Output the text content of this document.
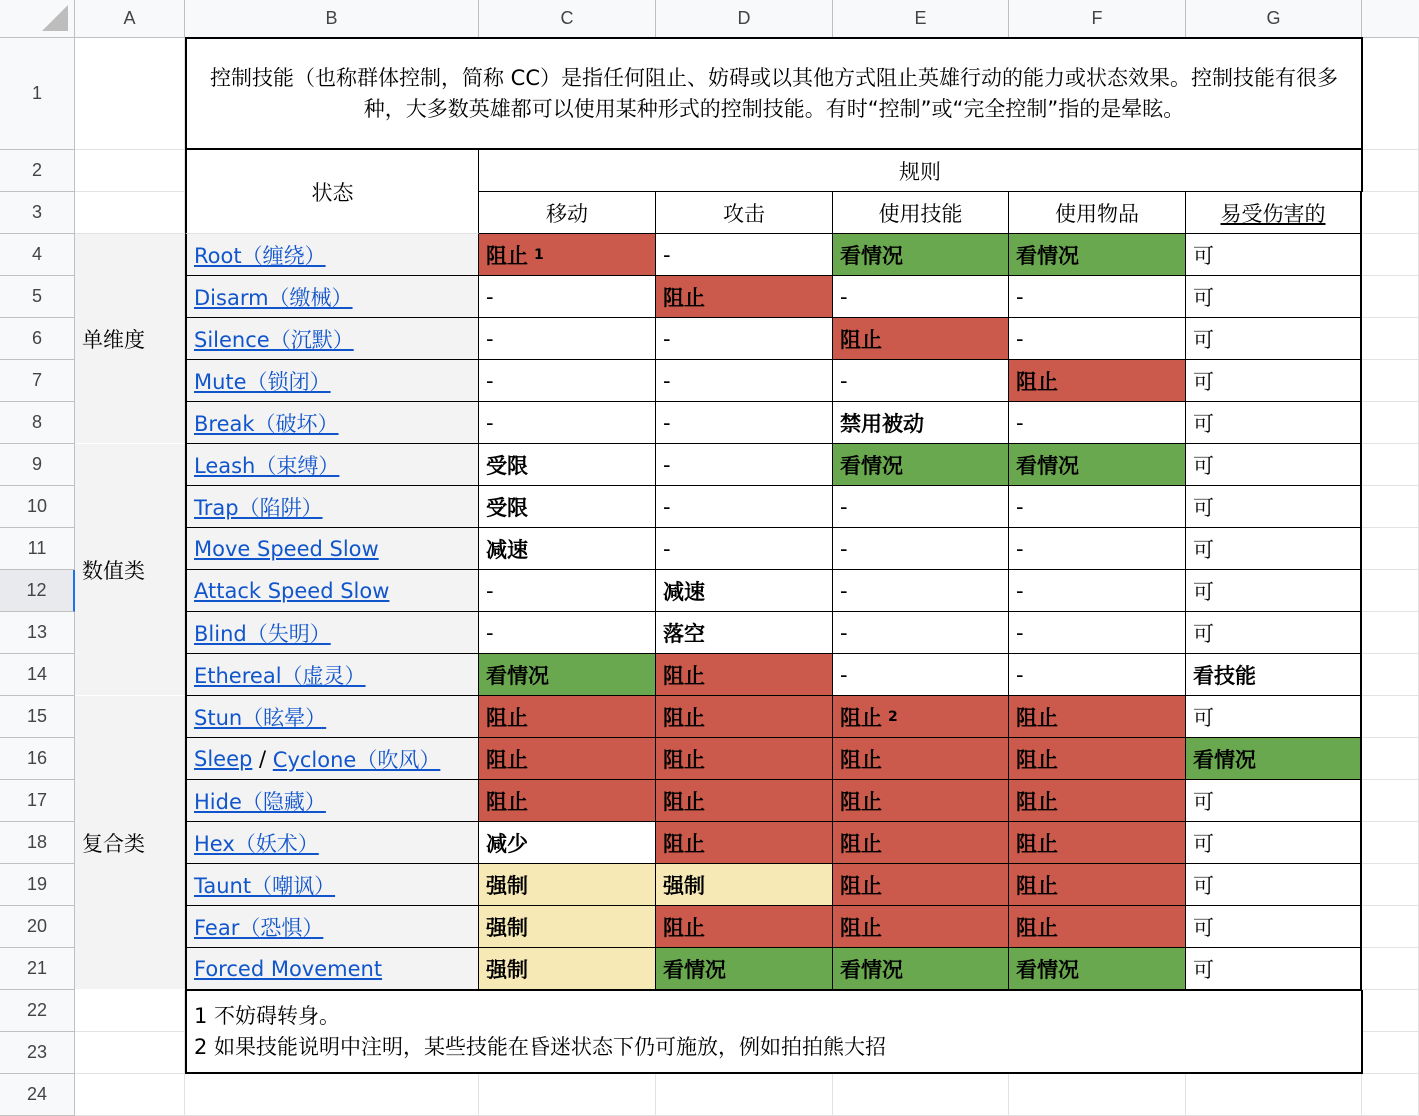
A	B	C	D	E	F	G
1
2
3
4
5
6
7
8
9
10
11
12
13
14
15
16
17
18
19
20
21
22
23
24
控制技能（也称群体控制，简称 CC）是指任何阻止、妨碍或以其他方式阻止英雄行动的能力或状态效果。控制技能有很多种，大多数英雄都可以使用某种形式的控制技能。有时“控制”或“完全控制”指的是晕眩。
状态
规则
移动	攻击	使用技能	使用物品	易受伤害的
单维度
数值类
复合类
Root（缠绕）	阻止 1	-	看情况	看情况	可
Disarm（缴械）	-	阻止	-	-	可
Silence（沉默）	-	-	阻止	-	可
Mute（锁闭）	-	-	-	阻止	可
Break（破坏）	-	-	禁用被动	-	可
Leash（束缚）	受限	-	看情况	看情况	可
Trap（陷阱）	受限	-	-	-	可
Move Speed Slow	减速	-	-	-	可
Attack Speed Slow	-	减速	-	-	可
Blind（失明）	-	落空	-	-	可
Ethereal（虚灵）	看情况	阻止	-	-	看技能
Stun（眩晕）	阻止	阻止	阻止 2	阻止	可
Sleep / Cyclone（吹风） 阻止	阻止	阻止	阻止	看情况
Hide（隐藏）	阻止	阻止	阻止	阻止	可
Hex（妖术）	减少	阻止	阻止	阻止	可
Taunt（嘲讽）	强制	强制	阻止	阻止	可
Fear（恐惧）	强制	阻止	阻止	阻止	可
Forced Movement	强制	看情况	看情况	看情况	可
1 不妨碍转身。
2 如果技能说明中注明，某些技能在昏迷状态下仍可施放，例如拍拍熊大招
